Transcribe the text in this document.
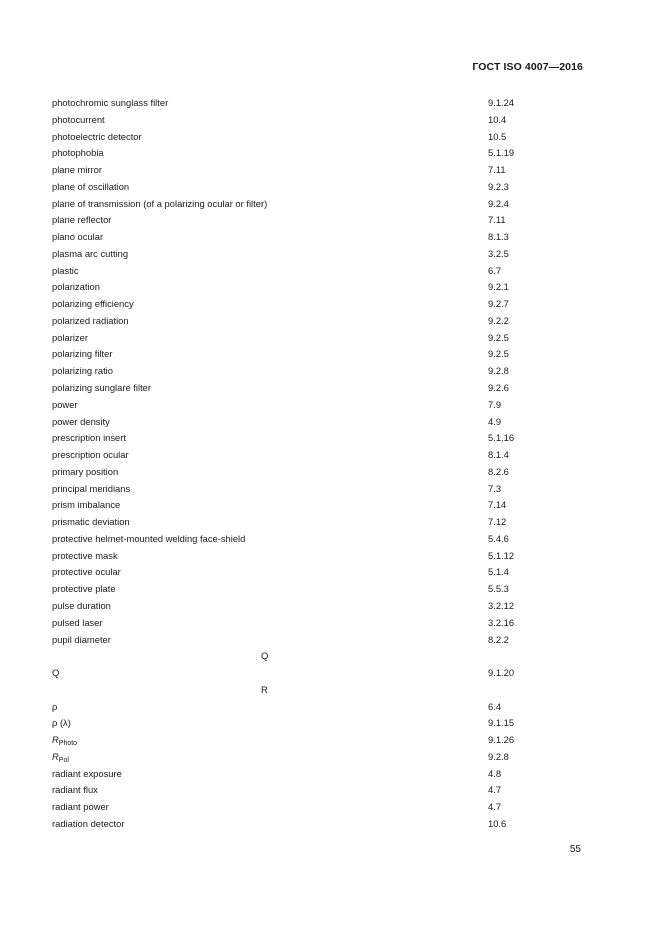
ГОСТ ISO 4007—2016
photochromic sunglass filter	9.1.24
photocurrent	10.4
photoelectric detector	10.5
photophobia	5.1.19
plane mirror	7.11
plane of oscillation	9.2.3
plane of transmission (of a polarizing ocular or filter)	9.2.4
plane reflector	7.11
plano ocular	8.1.3
plasma arc cutting	3.2.5
plastic	6.7
polarization	9.2.1
polarizing efficiency	9.2.7
polarized radiation	9.2.2
polarizer	9.2.5
polarizing filter	9.2.5
polarizing ratio	9.2.8
polarizing sunglare filter	9.2.6
power	7.9
power density	4.9
prescription insert	5.1.16
prescription ocular	8.1.4
primary position	8.2.6
principal meridians	7.3
prism imbalance	7.14
prismatic deviation	7.12
protective helmet-mounted welding face-shield	5.4.6
protective mask	5.1.12
protective ocular	5.1.4
protective plate	5.5.3
pulse duration	3.2.12
pulsed laser	3.2.16
pupil diameter	8.2.2
Q
Q	9.1.20
R
ρ	6.4
ρ (λ)	9.1.15
$R_{Photo}$	9.1.26
$R_{Pol}$	9.2.8
radiant exposure	4.8
radiant flux	4.7
radiant power	4.7
radiation detector	10.6
55
